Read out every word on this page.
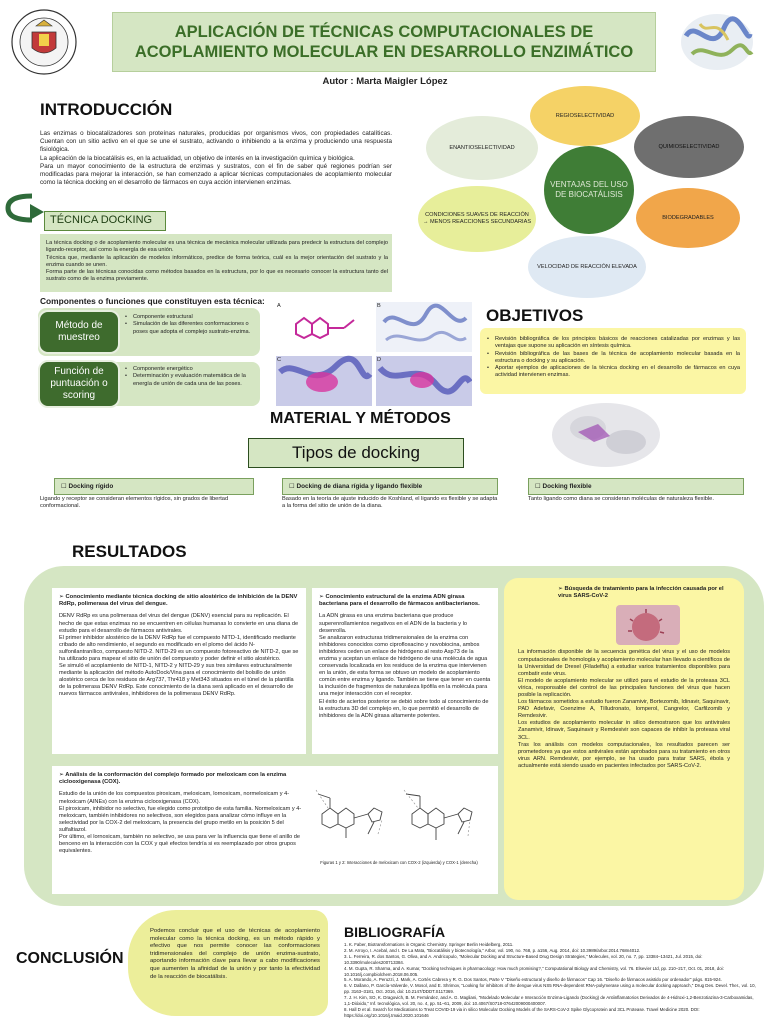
APLICACIÓN DE TÉCNICAS COMPUTACIONALES DE
ACOPLAMIENTO MOLECULAR EN DESARROLLO ENZIMÁTICO
Autor : Marta Maigler López
INTRODUCCIÓN

Las enzimas o biocatalizadores son proteínas naturales, producidas por organismos vivos, con propiedades catalíticas. Cuentan con un sitio activo en el que se une el sustrato, activando o inhibiendo a la enzima y produciendo una respuesta fisiológica.

La aplicación de la biocatálisis es, en la actualidad, un objetivo de interés en la investigación química y biológica.

Para un mayor conocimiento de la estructura de enzimas y sustratos, con el fin de saber qué regiones podrían ser modificadas para mejorar la interacción, se han comenzado a aplicar técnicas computacionales de acoplamiento molecular como la técnica docking en el desarrollo de fármacos en cuya acción intervienen enzimas.

TÉCNICA DOCKING

La técnica docking o de acoplamiento molecular es una técnica de mecánica molecular utilizada para predecir la estructura del complejo ligando-receptor, así como la energía de esa unión.

Técnica que, mediante la aplicación de modelos informáticos, predice de forma teórica, cuál es la mejor orientación del sustrato y la enzima cuando se unen.

Forma parte de las técnicas conocidas como métodos basados en la estructura, por lo que es necesario conocer la estructura tanto del sustrato como de la enzima previamente.

Componentes o funciones que constituyen esta técnica:
Método de muestreo
• Componente estructural
• Simulación de las diferentes conformaciones o poses que adopta el complejo sustrato-enzima.
Función de puntuación o scoring
• Componente energético
• Determinación y evaluación matemática de la energía de unión de cada una de las poses.
A	B
C	D
REGIOSELECTIVIDAD
ENANTIOSELECTIVIDAD	QUIMIOSELECTIVIDAD
VENTAJAS DEL USO DE BIOCATÁLISIS
CONDICIONES SUAVES DE REACCIÓN → MENOS REACCIONES SECUNDARIAS
BIODEGRADABLES
VELOCIDAD DE REACCIÓN ELEVADA
OBJETIVOS
• Revisión bibliográfica de los principios básicos de reacciones catalizadas por enzimas y las ventajas que supone su aplicación en síntesis química.
• Revisión bibliográfica de las bases de la técnica de acoplamiento molecular basada en la estructura o docking y su aplicación.
• Aportar ejemplos de aplicaciones de la técnica docking en el desarrollo de fármacos en cuya actividad intervienen enzimas.
MATERIAL Y MÉTODOS
Tipos de docking
☐ Docking rígido
Ligando y receptor se consideran elementos rígidos, sin grados de libertad conformacional.
☐ Docking de diana rígida y ligando flexible
Basado en la teoría de ajuste inducido de Koshland, el ligando es flexible y se adapta a la forma del sitio de unión de la diana.
☐ Docking flexible
Tanto ligando como diana se consideran moléculas de naturaleza flexible.
RESULTADOS
➢ Conocimiento mediante técnica docking de sitio alostérico de inhibición de la DENV RdRp, polimerasa del virus del dengue.

DENV RdRp es una polimerasa del virus del dengue (DENV) esencial para su replicación. El hecho de que estas enzimas no se encuentren en células humanas lo convierte en una diana de estudio para el desarrollo de fármacos antivirales.

El primer inhibidor alostérico de la DENV RdRp fue el compuesto NITD-1, identificado mediante cribado de alto rendimiento, el segundo es modificado en el plomo del ácido N-sulfonilantranílico, compuesto NITD-2. NITD-29 es un compuesto fotoreactivo de NITD-2, que se ha utilizado para mapear el sitio de unión del compuesto y poder definir el sitio alostérico.

Se simuló el acoplamiento de NITD-1, NITD-2 y NITD-29 y sus tres similares estructuralmente mediante la aplicación del método AutoDock/Vina para el conocimiento del bolsillo de unión alostérico cerca de los residuos de Arg737, Thr418 y Met343 situados en el túnel de la plantilla de la polimerasa DENV RdRp. Este conocimiento de la diana será aplicado en el desarrollo de nuevos fármacos antivirales, inhibidores de la polimerasa DENV RdRp.

➢ Conocimiento estructural de la enzima ADN girasa bacteriana para el desarrollo de fármacos antibacterianos.

La ADN girasa es una enzima bacteriana que produce superenrollamientos negativos en el ADN de la bacteria y lo desenrolla.

Se analizaron estructuras tridimensionales de la enzima con inhibidores conocidos como ciprofloxacino y novobiocina, ambos inhibidores ceden un enlace de hidrógeno al resto Asp73 de la enzima y aceptan un enlace de hidrógeno de una molécula de agua conservada localizada en los residuos de la enzima que intervienen en la unión, de esta forma se obtuvo un modelo de acoplamiento común entre enzima y ligando. También se tiene que tener en cuenta la inclusión de fragmentos de naturaleza lipófila en la molécula para una mejor interacción con el receptor.

El éxito de aciertos posterior se debió sobre todo al conocimiento de la estructura 3D del complejo en, lo que permitió el desarrollo de inhibidores de la ADN girasa altamente potentes.

➢ Búsqueda de tratamiento para la infección causada por el virus SARS-CoV-2

La información disponible de la secuencia genética del virus y el uso de modelos computacionales de homología y acoplamiento molecular han llevado a científicos de la Universidad de Drexel (Filadelfia) a estudiar varios tratamientos disponibles para combatir este virus.

El modelo de acoplamiento molecular se utilizó para el estudio de la proteasa 3CL vírica, responsable del control de las principales funciones del virus que hacen posible la replicación.

Los fármacos sometidos a estudio fueron Zanamivir, Bortezomib, Idinavir, Saquinavir, PAD Adefavir, Coenzime A, Tilludronato, Iomperol, Cangrelor, Carfilzomib y Remdesivir.

Los estudios de acoplamiento molecular in silico demostraron que los antivirales Zanamivir, Idinavir, Saquinavir y Remdesivir son capaces de inhibir la proteasa viral 3CL.

Tras los análisis con modelos computacionales, los resultados parecen ser prometedores ya que estos antivirales están aprobados para su tratamiento en otros virus ARN. Remdesivir, por ejemplo, se ha usado para tratar SARS, ébola y actualmente está siendo usado en pacientes infectados por SARS-CoV-2.

➢ Análisis de la conformación del complejo formado por meloxicam con la enzima ciclooxigenasa (COX).

Estudio de la unión de los compuestos piroxicam, meloxicam, lornoxicam, normeloxicam y 4-meloxicam (AINEs) con la enzima ciclooxigenasa (COX).

El piroxicam, inhibidor no selectivo, fue elegido como prototipo de esta familia. Normeloxicam y 4-meloxicam, también inhibidores no selectivos, son elegidos para analizar cómo influye en la selectividad por la COX-2 del meloxicam, la presencia del grupo metilo en la posición 5 del sulfaltiazol.

Por último, el lornoxicam, también no selectivo, se usa para ver la influencia que tiene el anillo de benceno en la interacción con la COX y qué efectos tendría si es reemplazado por otros grupos equivalentes.

Figuras 1 y 2: Interacciones de meloxicam con COX-2 (izquierda) y COX-1 (derecha)
CONCLUSIÓN
Podemos concluir que el uso de técnicas de acoplamiento molecular como la técnica docking, es un método rápido y efectivo que nos permite conocer las conformaciones tridimensionales del complejo de unión enzima-sustrato, aportando información clave para llevar a cabo modificaciones que aumenten la afinidad de la unión y por tanto la efectividad de la reacción de biocatálisis.
BIBLIOGRAFÍA
1. K. Faber, Biotransformations in Organic Chemistry. Springer Berlin Heidelberg, 2011.
2. M. Arroyo, I. Acebal, and I. De La Mata, "Biocatálisis y biotecnología," Arbor, vol. 190, no. 768, p. a156, Aug. 2014, doi: 10.3989/arbor.2014.768n4012.
3. L. Ferreira, R. dos Santos, G. Oliva, and A. Andricopulo, "Molecular Docking and Structure-Based Drug Design Strategies," Molecules, vol. 20, no. 7, pp. 13384–13421, Jul. 2015, doi: 10.3390/molecules200713384.
4. M. Gupta, R. Sharma, and A. Kumar, "Docking techniques in pharmacology: How much promising?," Computational Biology and Chemistry, vol. 76. Elsevier Ltd, pp. 210–217, Oct. 01, 2018, doi: 10.1016/j.compbiolchem.2018.06.005.
5. A. Morando, A. Peruzzi, J. Mark, A. Cortés Cabrera y R. G. Dos Santos, Parte V "Diseño estructural y diseño de fármacos" Cap 16. "Diseño de fármacos asistido por ordenador" págs. 815-924.
6. V. Dallano, P. García-Valverde, V. Mosol, and E. Shrimov, "Looking for inhibitors of the dengue virus NS5 RNA-dependent RNA-polymerase using a molecular docking approach," Drug Des. Devel. Ther., vol. 10, pp. 3163–3181, Oct. 2016, doi: 10.2147/DDDT.S117369.
7. J. H. Kim, SO, K. Dragovich, B. M. Fernández, and A. G. Magliani, "Modelado Molecular e Interacción Enzima-Ligando (Docking) de Antiinflamatorios Derivados de 4-Hidroxi-1,2-Benzotiazina-3-Carboxamidas, 1,1-Dióxido," Inf. tecnológica, vol. 20, no. 4, pp. 51–61, 2009, doi: 10.4067/S0718-07642009000400007.
8. Hall D et al. Search for Medications to Treat COVID-19 via in silico Molecular Docking Models of the SARS-CoV-2 Spike Glycoprotein and 3CL Protease. Travel Medicine 2020. DOI: https://doi.org/10.1016/j.tmaid.2020.101646
